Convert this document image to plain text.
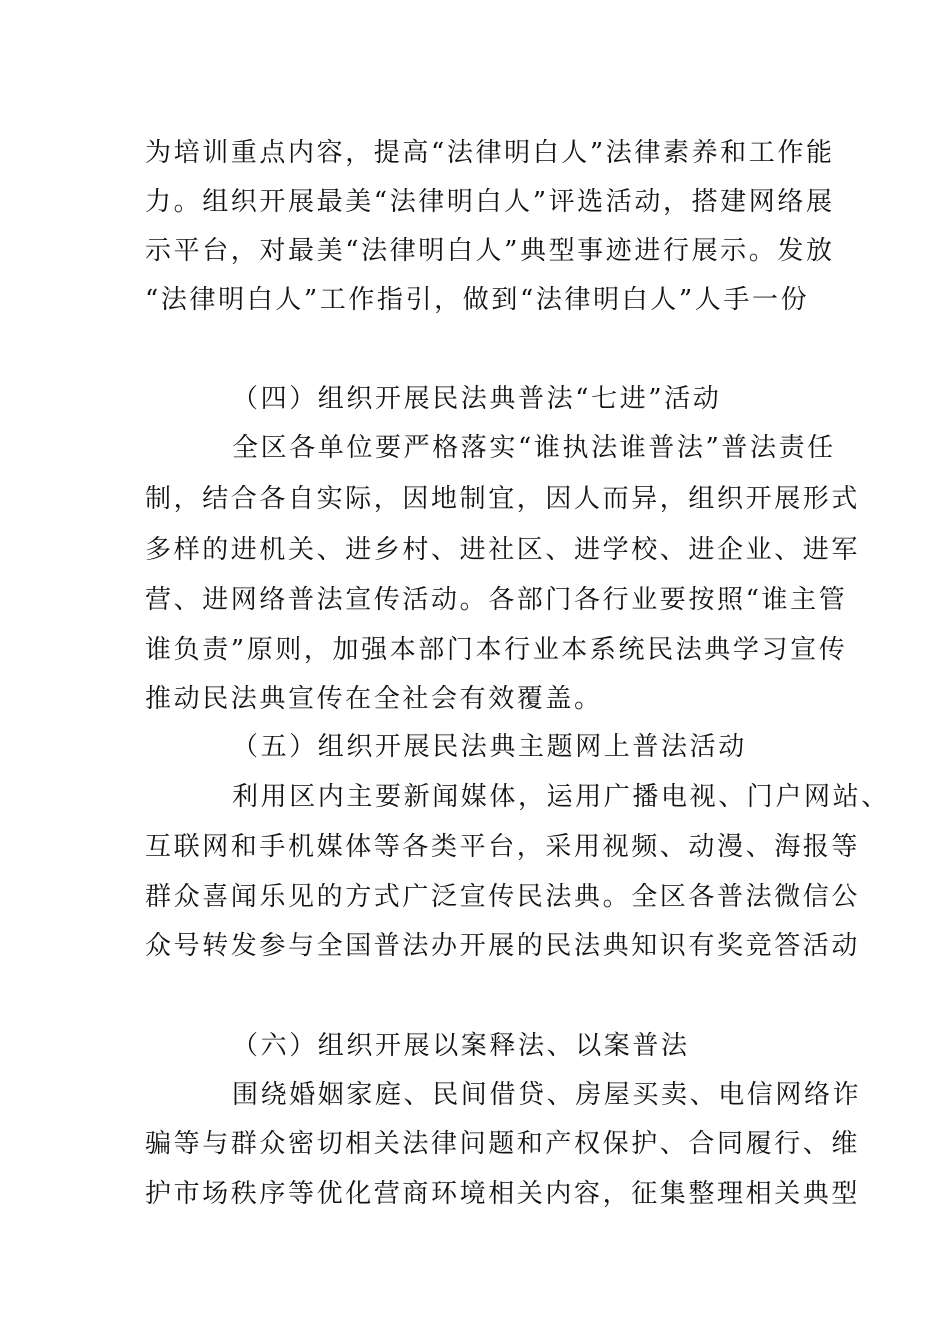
为培训重点内容，提高“法律明白人”法律素养和工作能
力。组织开展最美“法律明白人”评选活动，搭建网络展
示平台，对最美“法律明白人”典型事迹进行展示。发放
“法律明白人”工作指引，做到“法律明白人”人手一份
（四）组织开展民法典普法“七进”活动
全区各单位要严格落实“谁执法谁普法”普法责任
制，结合各自实际，因地制宜，因人而异，组织开展形式
多样的进机关、进乡村、进社区、进学校、进企业、进军
营、进网络普法宣传活动。各部门各行业要按照“谁主管
谁负责”原则，加强本部门本行业本系统民法典学习宣传
推动民法典宣传在全社会有效覆盖。
（五）组织开展民法典主题网上普法活动
利用区内主要新闻媒体，运用广播电视、门户网站、
互联网和手机媒体等各类平台，采用视频、动漫、海报等
群众喜闻乐见的方式广泛宣传民法典。全区各普法微信公
众号转发参与全国普法办开展的民法典知识有奖竞答活动
（六）组织开展以案释法、以案普法
围绕婚姻家庭、民间借贷、房屋买卖、电信网络诈
骗等与群众密切相关法律问题和产权保护、合同履行、维
护市场秩序等优化营商环境相关内容，征集整理相关典型
